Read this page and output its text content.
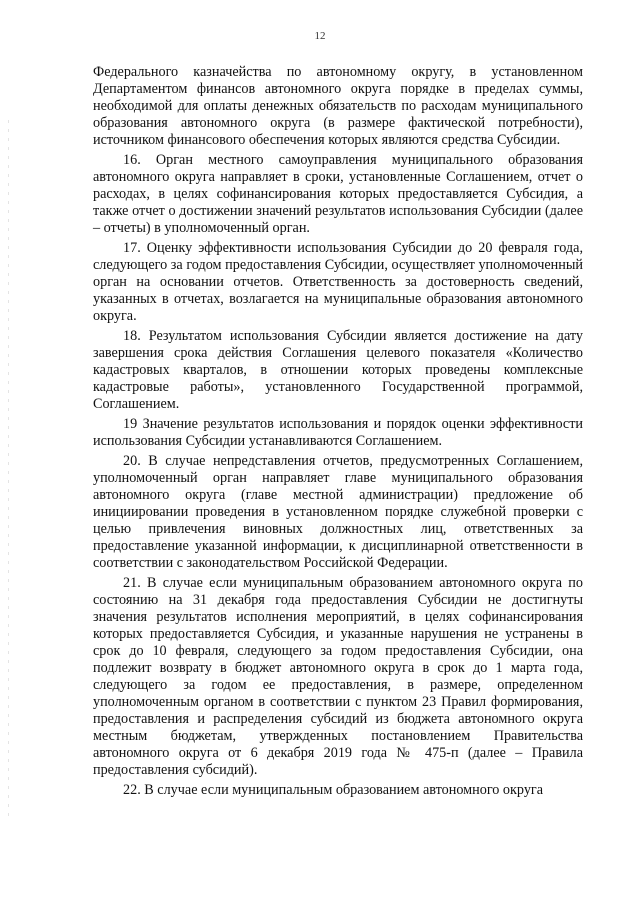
12

Федерального казначейства по автономному округу, в установленном Департаментом финансов автономного округа порядке в пределах суммы, необходимой для оплаты денежных обязательств по расходам муниципального образования автономного округа (в размере фактической потребности), источником финансового обеспечения которых являются средства Субсидии.

16. Орган местного самоуправления муниципального образования автономного округа направляет в сроки, установленные Соглашением, отчет о расходах, в целях софинансирования которых предоставляется Субсидия, а также отчет о достижении значений результатов использования Субсидии (далее – отчеты) в уполномоченный орган.

17. Оценку эффективности использования Субсидии до 20 февраля года, следующего за годом предоставления Субсидии, осуществляет уполномоченный орган на основании отчетов. Ответственность за достоверность сведений, указанных в отчетах, возлагается на муниципальные образования автономного округа.

18. Результатом использования Субсидии является достижение на дату завершения срока действия Соглашения целевого показателя «Количество кадастровых кварталов, в отношении которых проведены комплексные кадастровые работы», установленного Государственной программой, Соглашением.

19 Значение результатов использования и порядок оценки эффективности использования Субсидии устанавливаются Соглашением.

20. В случае непредставления отчетов, предусмотренных Соглашением, уполномоченный орган направляет главе муниципального образования автономного округа (главе местной администрации) предложение об инициировании проведения в установленном порядке служебной проверки с целью привлечения виновных должностных лиц, ответственных за предоставление указанной информации, к дисциплинарной ответственности в соответствии с законодательством Российской Федерации.

21. В случае если муниципальным образованием автономного округа по состоянию на 31 декабря года предоставления Субсидии не достигнуты значения результатов исполнения мероприятий, в целях софинансирования которых предоставляется Субсидия, и указанные нарушения не устранены в срок до 10 февраля, следующего за годом предоставления Субсидии, она подлежит возврату в бюджет автономного округа в срок до 1 марта года, следующего за годом ее предоставления, в размере, определенном уполномоченным органом в соответствии с пунктом 23 Правил формирования, предоставления и распределения субсидий из бюджета автономного округа местным бюджетам, утвержденных постановлением Правительства автономного округа от 6 декабря 2019 года № 475-п (далее – Правила предоставления субсидий).

22. В случае если муниципальным образованием автономного округа
